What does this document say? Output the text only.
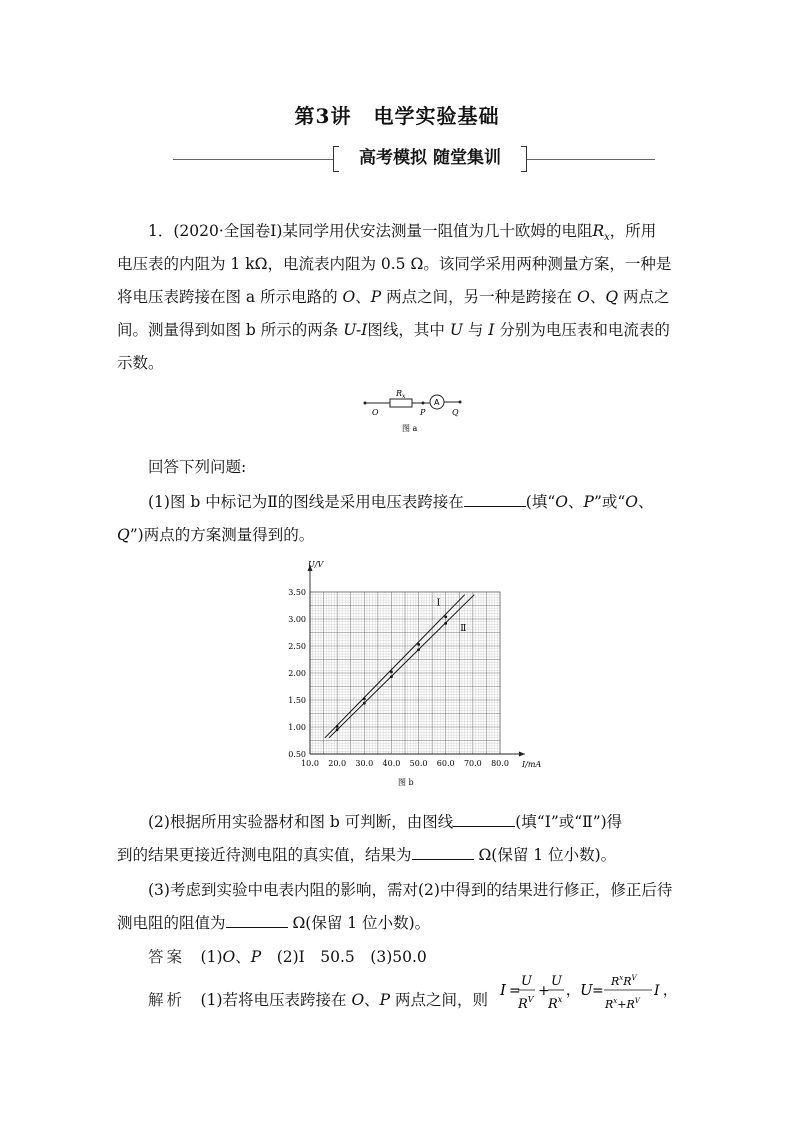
第3讲 电学实验基础
高考模拟 随堂集训
1．(2020·全国卷Ⅰ)某同学用伏安法测量一阻值为几十欧姆的电阻$R_x$，所用
电压表的内阻为 1 kΩ，电流表内阻为 0.5 Ω。该同学采用两种测量方案，一种是
将电压表跨接在图 a 所示电路的 O、P 两点之间，另一种是跨接在 O、Q 两点之
间。测量得到如图 b 所示的两条 U-I图线，其中 U 与 I 分别为电压表和电流表的
示数。
$R_x$
A
O	P	Q
图 a
回答下列问题:
(1)图 b 中标记为Ⅱ的图线是采用电压表跨接在	(填“O、P”或“O、
Q”)两点的方案测量得到的。
10.0 20.0 30.0 40.0 50.0 60.0 70.0 80.0
0.50
1.00
1.50
2.00
2.50
3.00
3.50
Ⅰ
Ⅱ
U/V
I/mA
图 b
(2)根据所用实验器材和图 b 可判断，由图线	(填“Ⅰ”或“Ⅱ”)得
到的结果更接近待测电阻的真实值，结果为	Ω(保留 1 位小数)。
(3)考虑到实验中电表内阻的影响，需对(2)中得到的结果进行修正，修正后待
测电阻的阻值为	Ω(保留 1 位小数)。
答案　 (1)O、P　 (2)Ⅰ　50.5　 (3)50.0
解析　 (1)若将电压表跨接在 O、P 两点之间，则
I =
U
$R^V$
+
U
$R^x$
， U =
$R^xR^V$
$R^x+R^V$
I ，
